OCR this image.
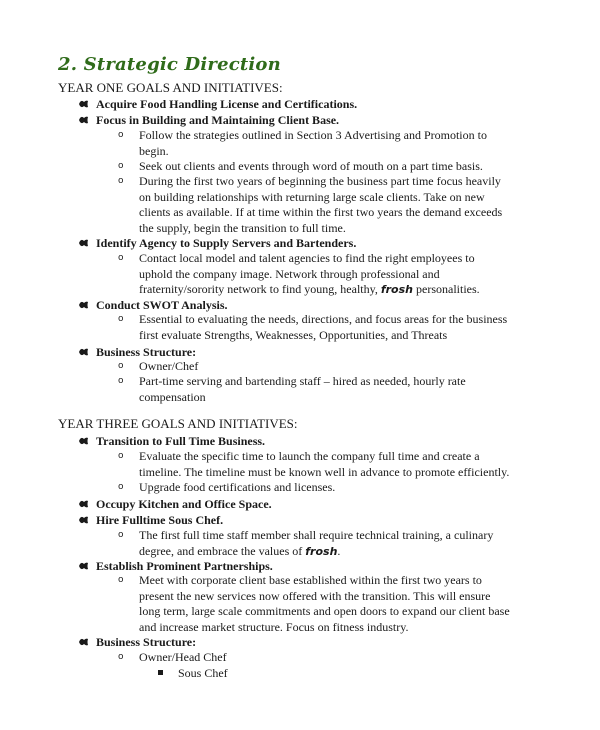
2. Strategic Direction
YEAR ONE GOALS AND INITIATIVES:
Acquire Food Handling License and Certifications.
Focus in Building and Maintaining Client Base.
o Follow the strategies outlined in Section 3 Advertising and Promotion to
begin.
o Seek out clients and events through word of mouth on a part time basis.
o During the first two years of beginning the business part time focus heavily
on building relationships with returning large scale clients. Take on new
clients as available. If at time within the first two years the demand exceeds
the supply, begin the transition to full time.
Identify Agency to Supply Servers and Bartenders.
o Contact local model and talent agencies to find the right employees to
uphold the company image. Network through professional and
fraternity/sorority network to find young, healthy, frosh personalities.
Conduct SWOT Analysis.
o Essential to evaluating the needs, directions, and focus areas for the business
first evaluate Strengths, Weaknesses, Opportunities, and Threats
Business Structure:
o Owner/Chef
o Part-time serving and bartending staff – hired as needed, hourly rate
compensation
YEAR THREE GOALS AND INITIATIVES:
Transition to Full Time Business.
o Evaluate the specific time to launch the company full time and create a
timeline. The timeline must be known well in advance to promote efficiently.
o Upgrade food certifications and licenses.
Occupy Kitchen and Office Space.
Hire Fulltime Sous Chef.
o The first full time staff member shall require technical training, a culinary
degree, and embrace the values of frosh.
Establish Prominent Partnerships.
o Meet with corporate client base established within the first two years to
present the new services now offered with the transition. This will ensure
long term, large scale commitments and open doors to expand our client base
and increase market structure. Focus on fitness industry.
Business Structure:
o Owner/Head Chef
Sous Chef
